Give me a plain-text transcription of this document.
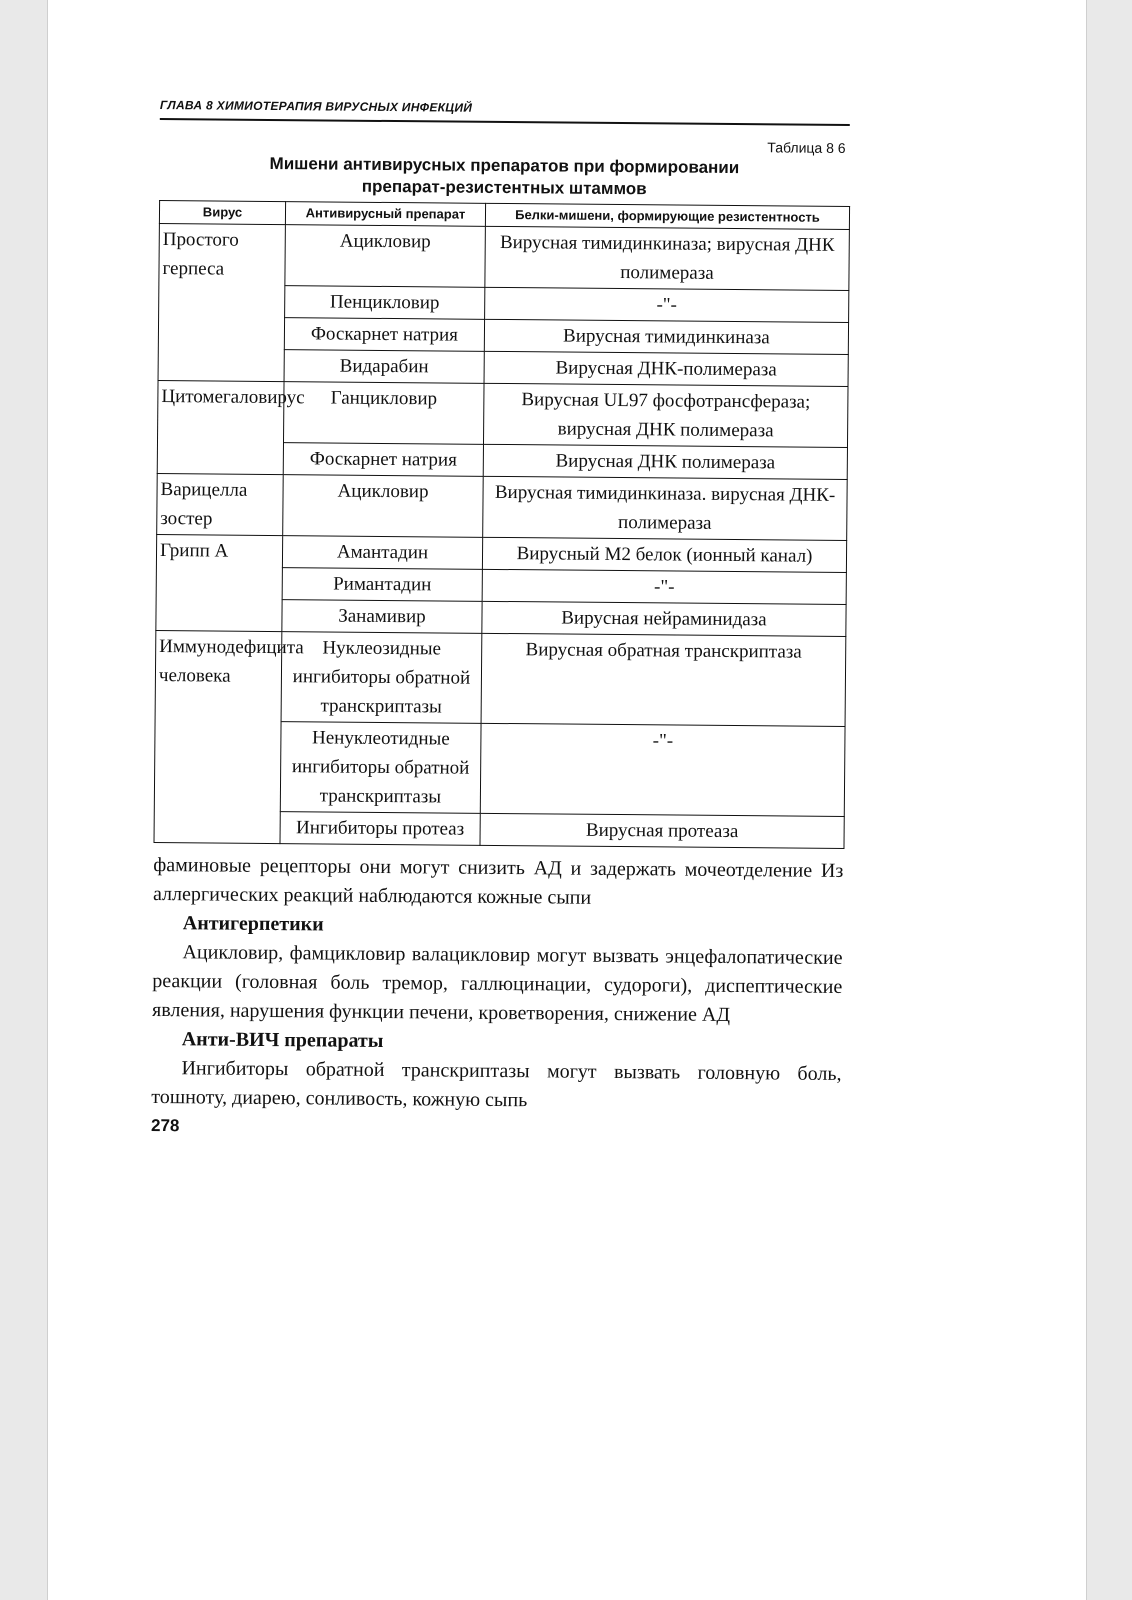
ГЛАВА 8 ХИМИОТЕРАПИЯ ВИРУСНЫХ ИНФЕКЦИЙ
Таблица 8 6
Мишени антивирусных препаратов при формировании
препарат-резистентных штаммов
Вирус	Антивирусный препарат	Белки-мишени, формирующие резистентность
Простого герпеса	Ацикловир	Вирусная тимидинкиназа; вирусная ДНК полимераза
	Пенцикловир	-"-
	Фоскарнет натрия	Вирусная тимидинкиназа
	Видарабин	Вирусная ДНК-полимераза
Цитомегаловирус	Ганцикловир	Вирусная UL97 фосфотрансфераза; вирусная ДНК полимераза
	Фоскарнет натрия	Вирусная ДНК полимераза
Варицелла зостер	Ацикловир	Вирусная тимидинкиназа. вирусная ДНК-полимераза
Грипп А	Амантадин	Вирусный М2 белок (ионный канал)
	Римантадин	-"-
	Занамивир	Вирусная нейраминидаза
Иммунодефицита человека	Нуклеозидные ингибиторы обратной транскриптазы	Вирусная обратная транскриптаза
	Ненуклеотидные ингибиторы обратной транскриптазы	-"-
	Ингибиторы протеаз	Вирусная протеаза

фаминовые рецепторы они могут снизить АД и задержать мочеотделение Из аллергических реакций наблюдаются кожные сыпи

Антигерпетики

Ацикловир, фамцикловир валацикловир могут вызвать энцефалопатические реакции (головная боль тремор, галлюцинации, судороги), диспептические явления, нарушения функции печени, кроветворения, снижение АД

Анти-ВИЧ препараты

Ингибиторы обратной транскриптазы могут вызвать головную боль, тошноту, диарею, сонливость, кожную сыпь

278
